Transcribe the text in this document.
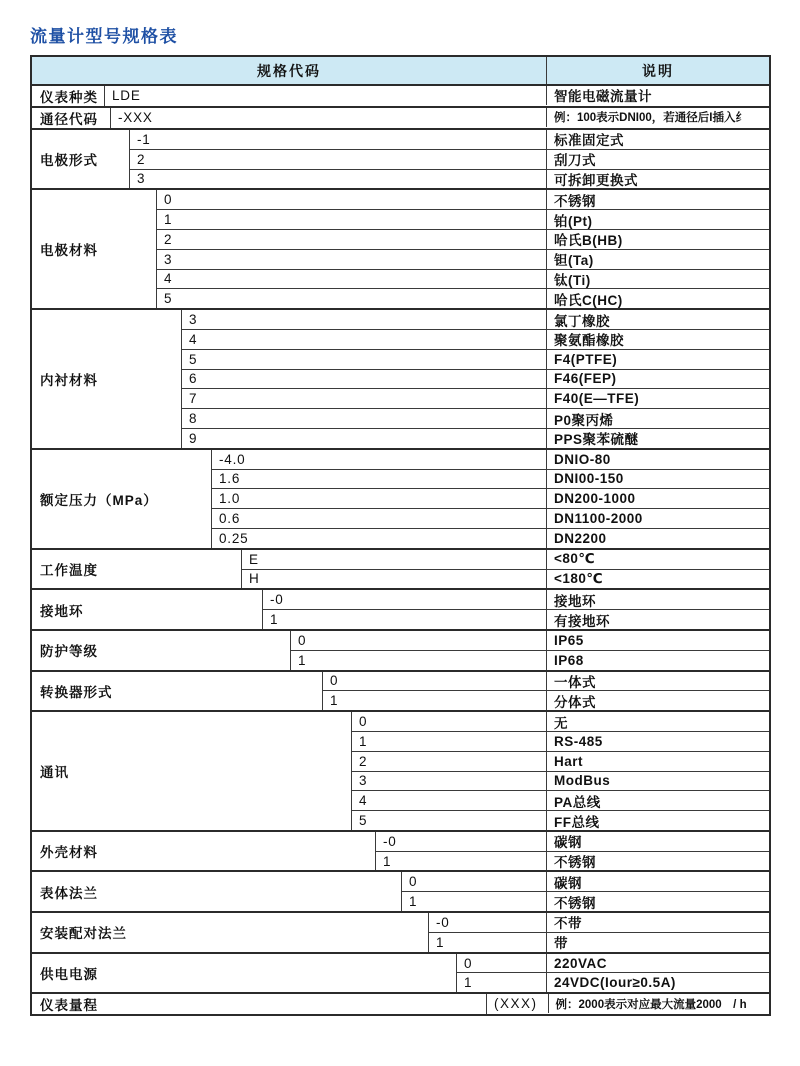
流量计型号规格表
规格代码	说明
仪表种类	LDE	智能电磁流量计
通径代码	-XXX	例：100表示DNI00，若通径后I插入纟
电极形式
-1	标准固定式
2	刮刀式
3	可拆卸更换式
电极材料
0	不锈钢
1	铂(Pt)
2	哈氏B(HB)
3	钽(Ta)
4	钛(Ti)
5	哈氏C(HC)
内衬材料
3	氯丁橡胶
4	聚氨酯橡胶
5	F4(PTFE)
6	F46(FEP)
7	F40(E—TFE)
8	P0聚丙烯
9	PPS聚苯硫醚
额定压力（MPa）
-4.0	DNIO-80
1.6	DNI00-150
1.0	DN200-1000
0.6	DN1100-2000
0.25	DN2200
工作温度
E	<80℃
H	<180℃
接地环
-0	接地环
1	有接地环
防护等级
0	IP65
1	IP68
转换器形式
0	一体式
1	分体式
通讯
0	无
1	RS-485
2	Hart
3	ModBus
4	PA总线
5	FF总线
外壳材料
-0	碳钢
1	不锈钢
表体法兰
0	碳钢
1	不锈钢
安装配对法兰
-0	不带
1	带
供电电源
0	220VAC
1	24VDC(Iour≥0.5A)
仪表量程	(XXX)	例：2000表示对应最大流量2000　/ h
